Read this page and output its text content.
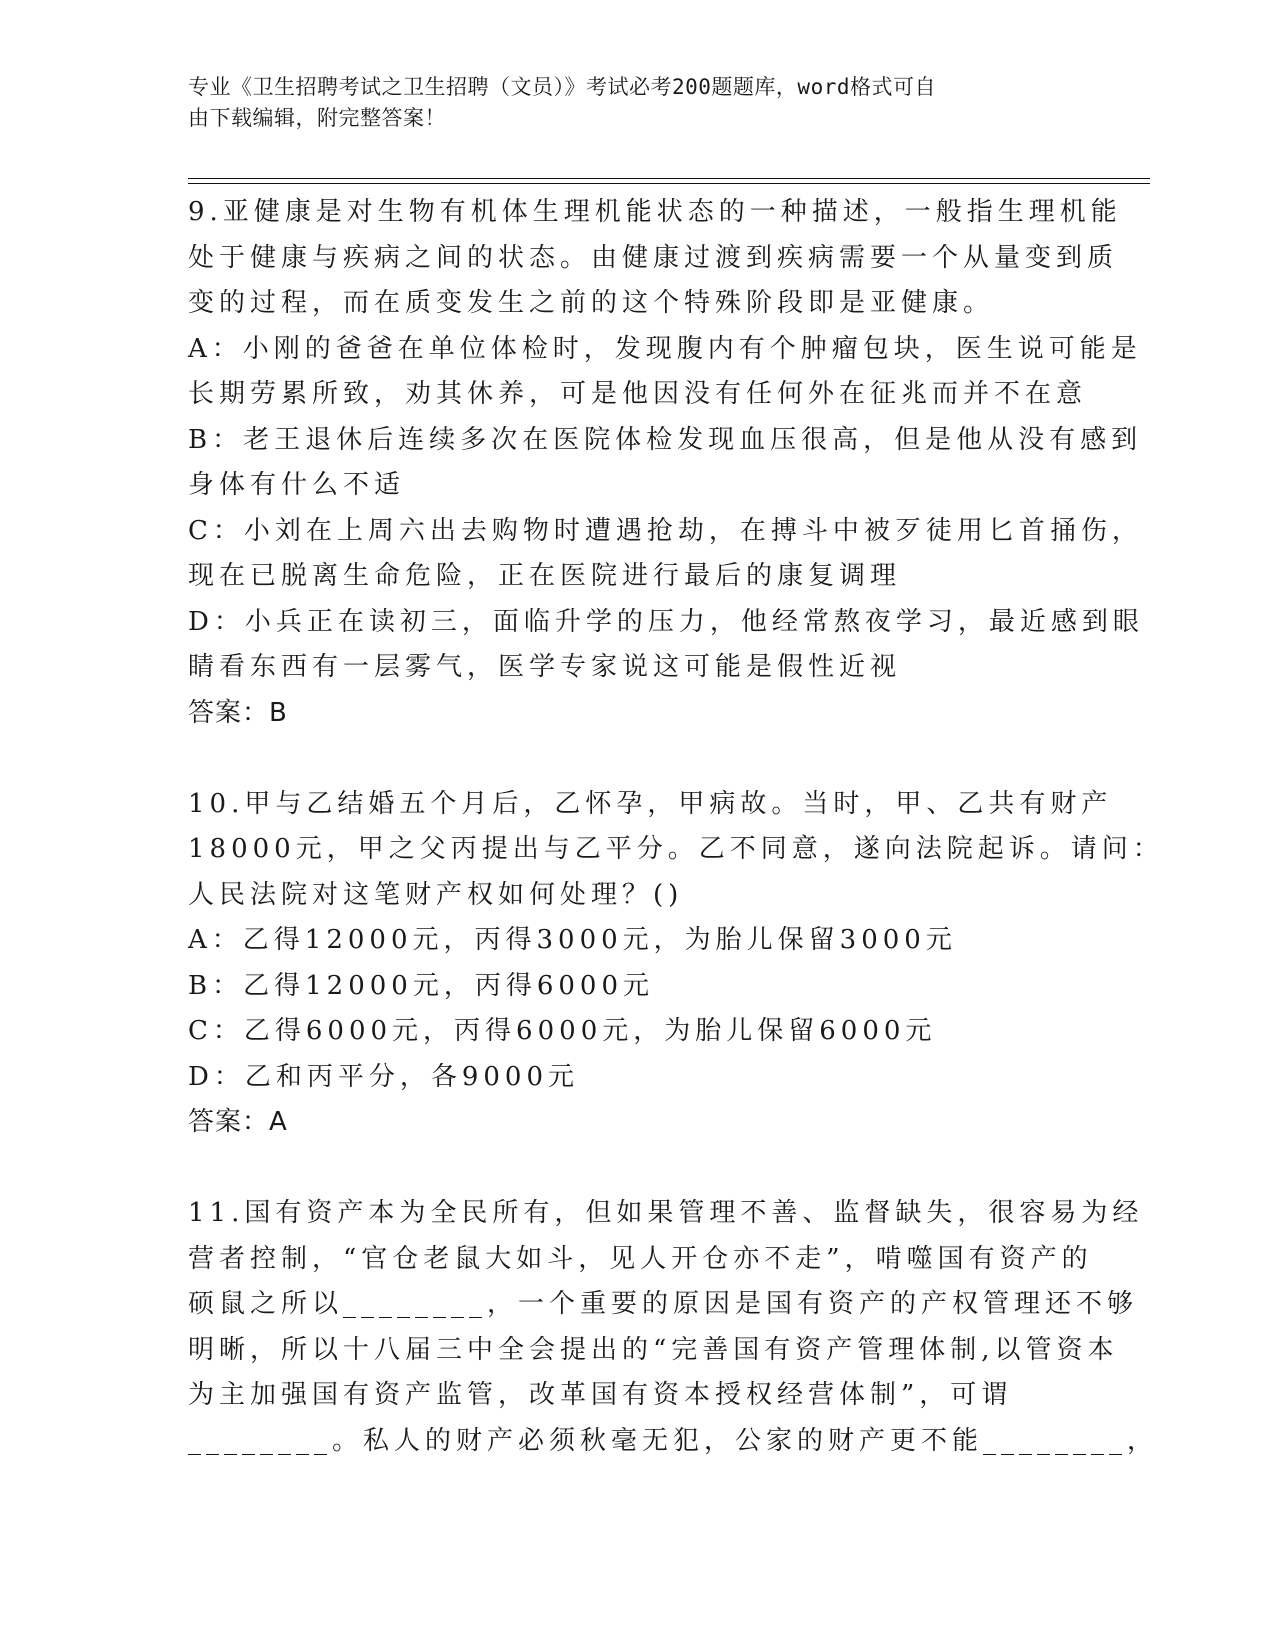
专业《卫生招聘考试之卫生招聘（文员）》考试必考200题题库，word格式可自
由下载编辑，附完整答案！
9.亚健康是对生物有机体生理机能状态的一种描述，一般指生理机能
处于健康与疾病之间的状态。由健康过渡到疾病需要一个从量变到质
变的过程，而在质变发生之前的这个特殊阶段即是亚健康。
A：小刚的爸爸在单位体检时，发现腹内有个肿瘤包块，医生说可能是
长期劳累所致，劝其休养，可是他因没有任何外在征兆而并不在意
B：老王退休后连续多次在医院体检发现血压很高，但是他从没有感到
身体有什么不适
C：小刘在上周六出去购物时遭遇抢劫，在搏斗中被歹徒用匕首捅伤，
现在已脱离生命危险，正在医院进行最后的康复调理
D：小兵正在读初三，面临升学的压力，他经常熬夜学习，最近感到眼
睛看东西有一层雾气，医学专家说这可能是假性近视
答案：B
10.甲与乙结婚五个月后，乙怀孕，甲病故。当时，甲、乙共有财产
18000元，甲之父丙提出与乙平分。乙不同意，遂向法院起诉。请问：
人民法院对这笔财产权如何处理？()
A：乙得12000元，丙得3000元，为胎儿保留3000元
B：乙得12000元，丙得6000元
C：乙得6000元，丙得6000元，为胎儿保留6000元
D：乙和丙平分，各9000元
答案：A
11.国有资产本为全民所有，但如果管理不善、监督缺失，很容易为经
营者控制，“官仓老鼠大如斗，见人开仓亦不走”，啃噬国有资产的
硕鼠之所以________，一个重要的原因是国有资产的产权管理还不够
明晰，所以十八届三中全会提出的“完善国有资产管理体制,以管资本
为主加强国有资产监管，改革国有资本授权经营体制”，可谓
________。私人的财产必须秋毫无犯，公家的财产更不能________，
